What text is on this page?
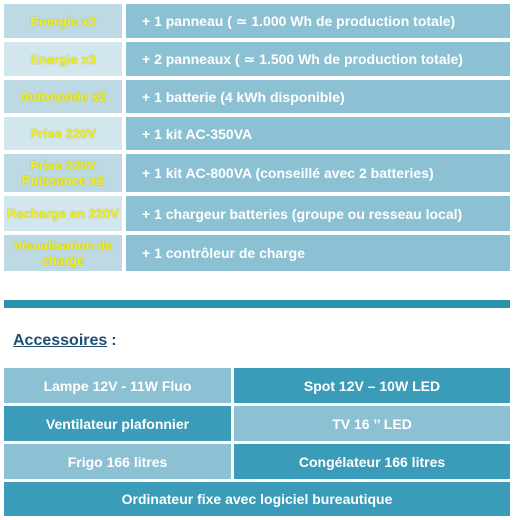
Energie x2	+ 1 panneau ( ≃ 1.000 Wh de production totale)
Energie x3	+ 2 panneaux ( ≃ 1.500 Wh de production totale)
Autonomie x2	+ 1 batterie (4 kWh disponible)
Prise 220V	+ 1 kit AC-350VA
Prise 220V Puissance x2	+ 1 kit AC-800VA (conseillé avec 2 batteries)
Recharge en 220V	+ 1 chargeur batteries (groupe ou resseau local)
Visualisation de charge	+ 1 contrôleur de charge
Accessoires :
Lampe 12V - 11W Fluo	Spot 12V – 10W LED
Ventilateur plafonnier	TV 16 ’’ LED
Frigo 166 litres	Congélateur 166 litres
Ordinateur fixe avec logiciel bureautique
